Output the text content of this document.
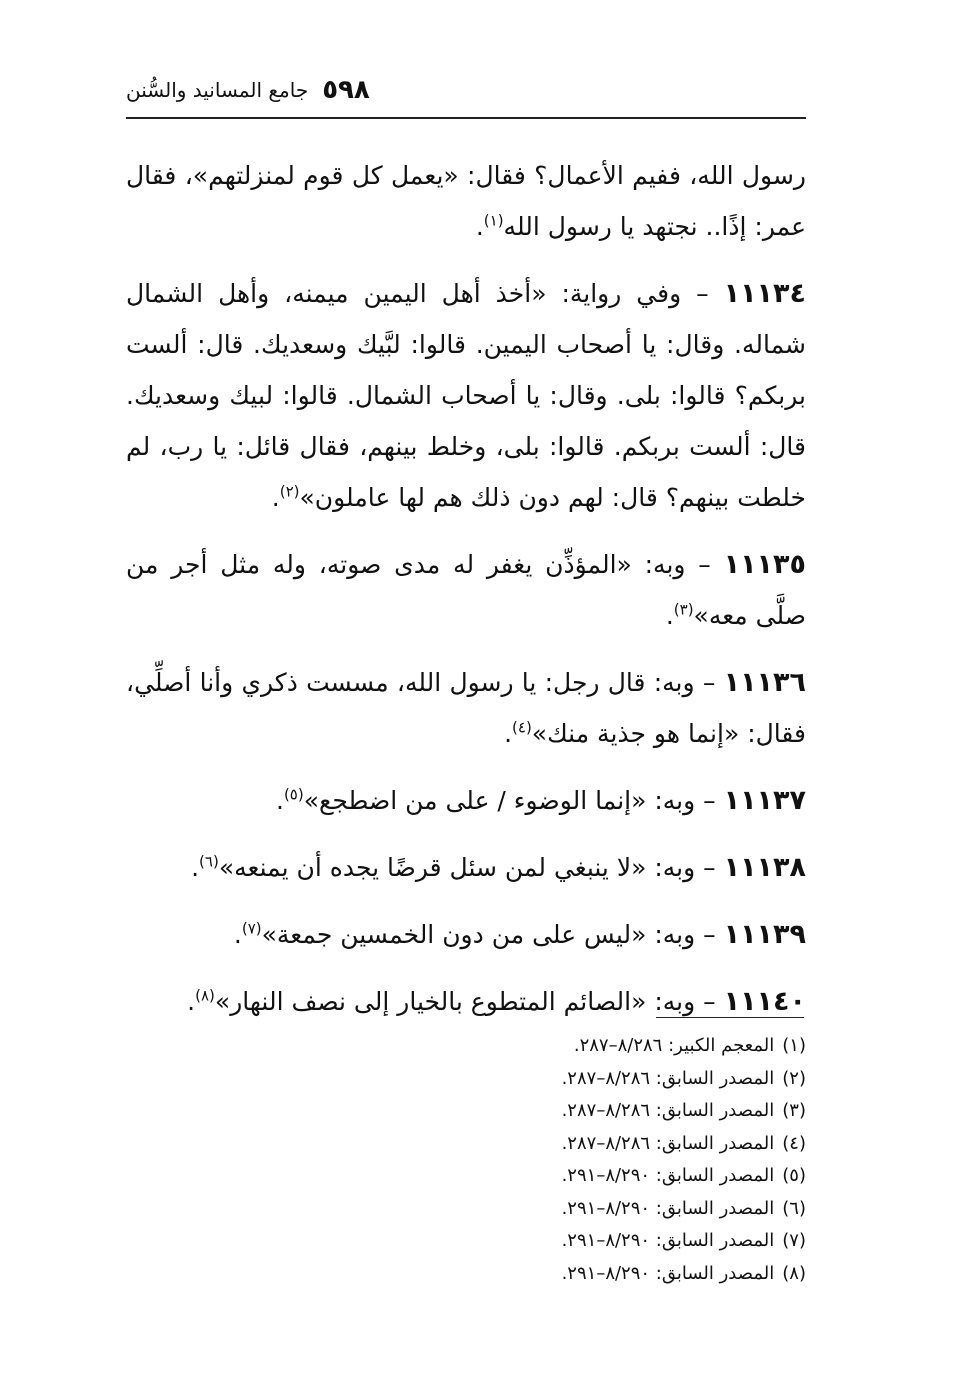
٥٩٨
جامع المسانيد والسُّنن

رسول الله، ففيم الأعمال؟ فقال: «يعمل كل قوم لمنزلتهم»، فقال عمر: إذًا.. نجتهد يا رسول الله$^{(١)}$.

١١١٣٤ – وفي رواية: «أخذ أهل اليمين ميمنه، وأهل الشمال شماله. وقال: يا أصحاب اليمين. قالوا: لبَّيك وسعديك. قال: ألست بربكم؟ قالوا: بلى. وقال: يا أصحاب الشمال. قالوا: لبيك وسعديك. قال: ألست بربكم. قالوا: بلى، وخلط بينهم، فقال قائل: يا رب، لم خلطت بينهم؟ قال: لهم دون ذلك هم لها عاملون»$^{(٢)}$.

١١١٣٥ – وبه: «المؤذِّن يغفر له مدى صوته، وله مثل أجر من صلَّى معه»$^{(٣)}$.

١١١٣٦ – وبه: قال رجل: يا رسول الله، مسست ذكري وأنا أصلِّي، فقال: «إنما هو جذية منك»$^{(٤)}$.

١١١٣٧ – وبه: «إنما الوضوء / على من اضطجع»$^{(٥)}$.

١١١٣٨ – وبه: «لا ينبغي لمن سئل قرضًا يجده أن يمنعه»$^{(٦)}$.

١١١٣٩ – وبه: «ليس على من دون الخمسين جمعة»$^{(٧)}$.

١١١٤٠ – وبه: «الصائم المتطوع بالخيار إلى نصف النهار»$^{(٨)}$.

(١)المعجم الكبير: ٨/٢٨٦–٢٨٧.
(٢)المصدر السابق: ٨/٢٨٦–٢٨٧.
(٣)المصدر السابق: ٨/٢٨٦–٢٨٧.
(٤)المصدر السابق: ٨/٢٨٦–٢٨٧.
(٥)المصدر السابق: ٨/٢٩٠–٢٩١.
(٦)المصدر السابق: ٨/٢٩٠–٢٩١.
(٧)المصدر السابق: ٨/٢٩٠–٢٩١.
(٨)المصدر السابق: ٨/٢٩٠–٢٩١.
